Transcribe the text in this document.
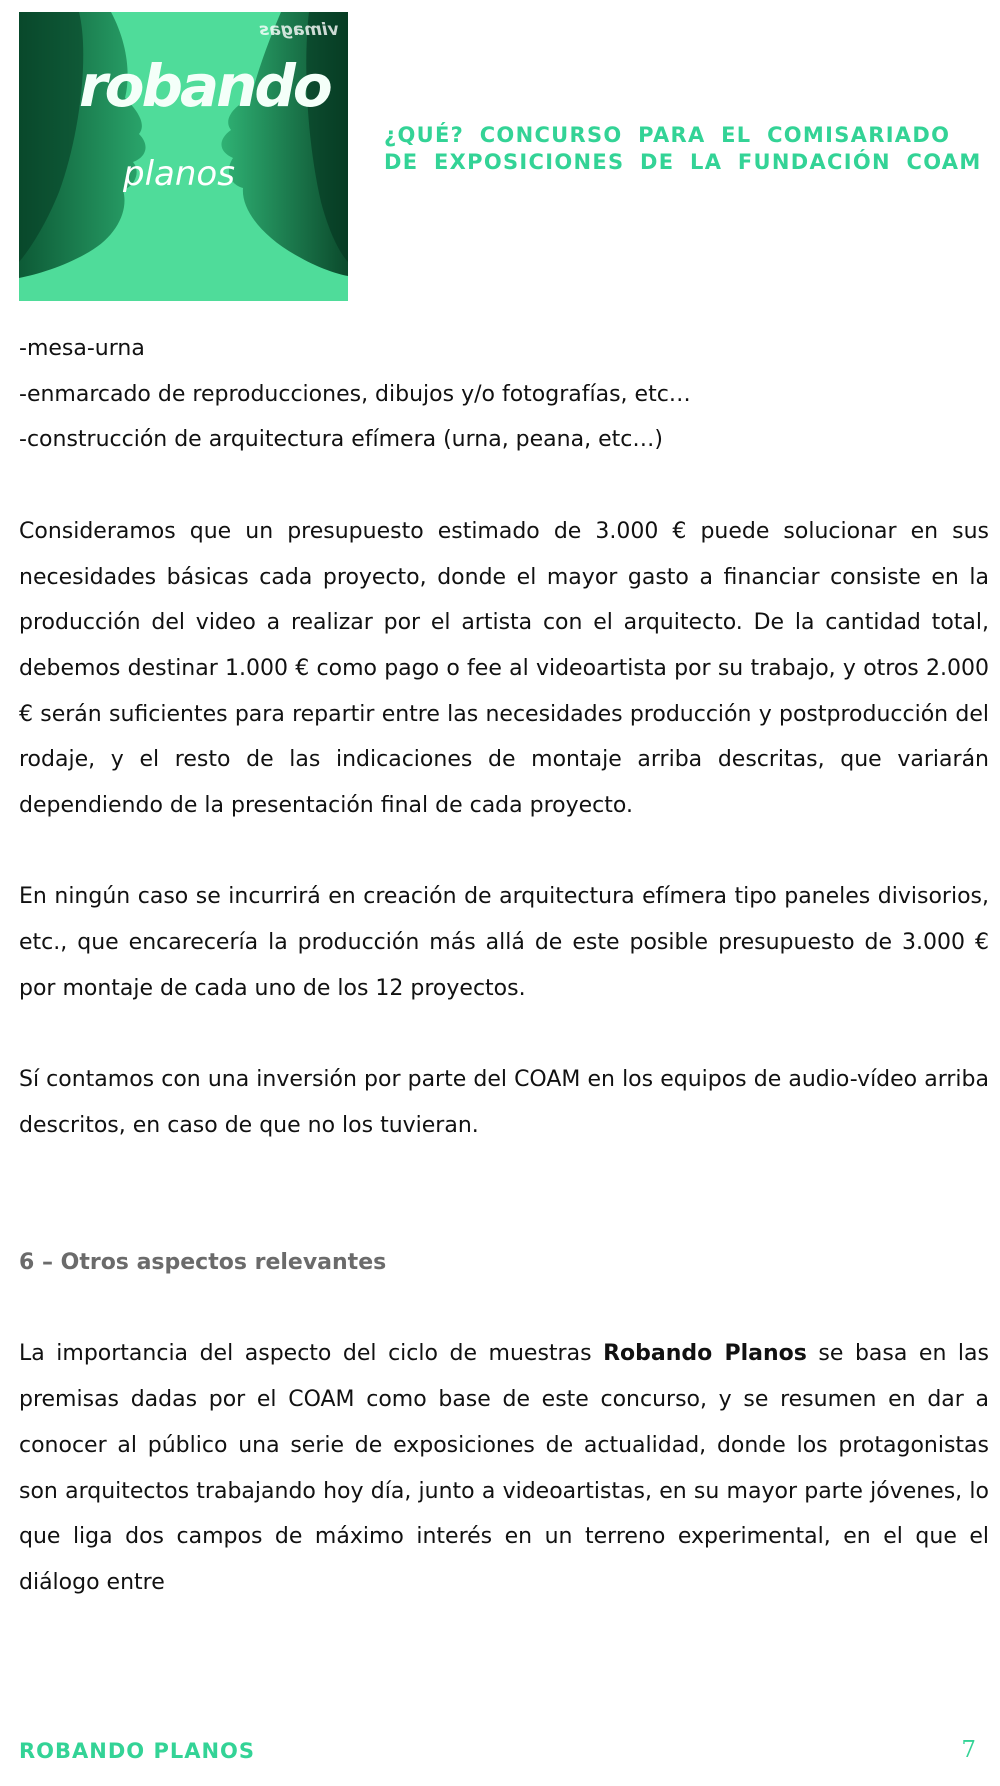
vimagas
robando
planos
¿QUÉ? CONCURSO PARA EL COMISARIADO
DE EXPOSICIONES DE LA FUNDACIÓN COAM
-mesa-urna
-enmarcado de reproducciones, dibujos y/o fotografías, etc…
-construcción de arquitectura efímera (urna, peana, etc…)

Consideramos que un presupuesto estimado de 3.000 € puede solucionar en sus necesidades básicas cada proyecto, donde el mayor gasto a financiar consiste en la producción del video a realizar por el artista con el arquitecto. De la cantidad total, debemos destinar 1.000 € como pago o fee al videoartista por su trabajo, y otros 2.000 € serán suficientes para repartir entre las necesidades producción y postproducción del rodaje, y el resto de las indicaciones de montaje arriba descritas, que variarán dependiendo de la presentación final de cada proyecto.

En ningún caso se incurrirá en creación de arquitectura efímera tipo paneles divisorios, etc., que encarecería la producción más allá de este posible presupuesto de 3.000 € por montaje de cada uno de los 12 proyectos.

Sí contamos con una inversión por parte del COAM en los equipos de audio-vídeo arriba descritos, en caso de que no los tuvieran.

6 – Otros aspectos relevantes

La importancia del aspecto del ciclo de muestras Robando Planos se basa en las premisas dadas por el COAM como base de este concurso, y se resumen en dar a conocer al público una serie de exposiciones de actualidad, donde los protagonistas son arquitectos trabajando hoy día, junto a videoartistas, en su mayor parte jóvenes, lo que liga dos campos de máximo interés en un terreno experimental, en el que el diálogo entre

ROBANDO PLANOS	7
